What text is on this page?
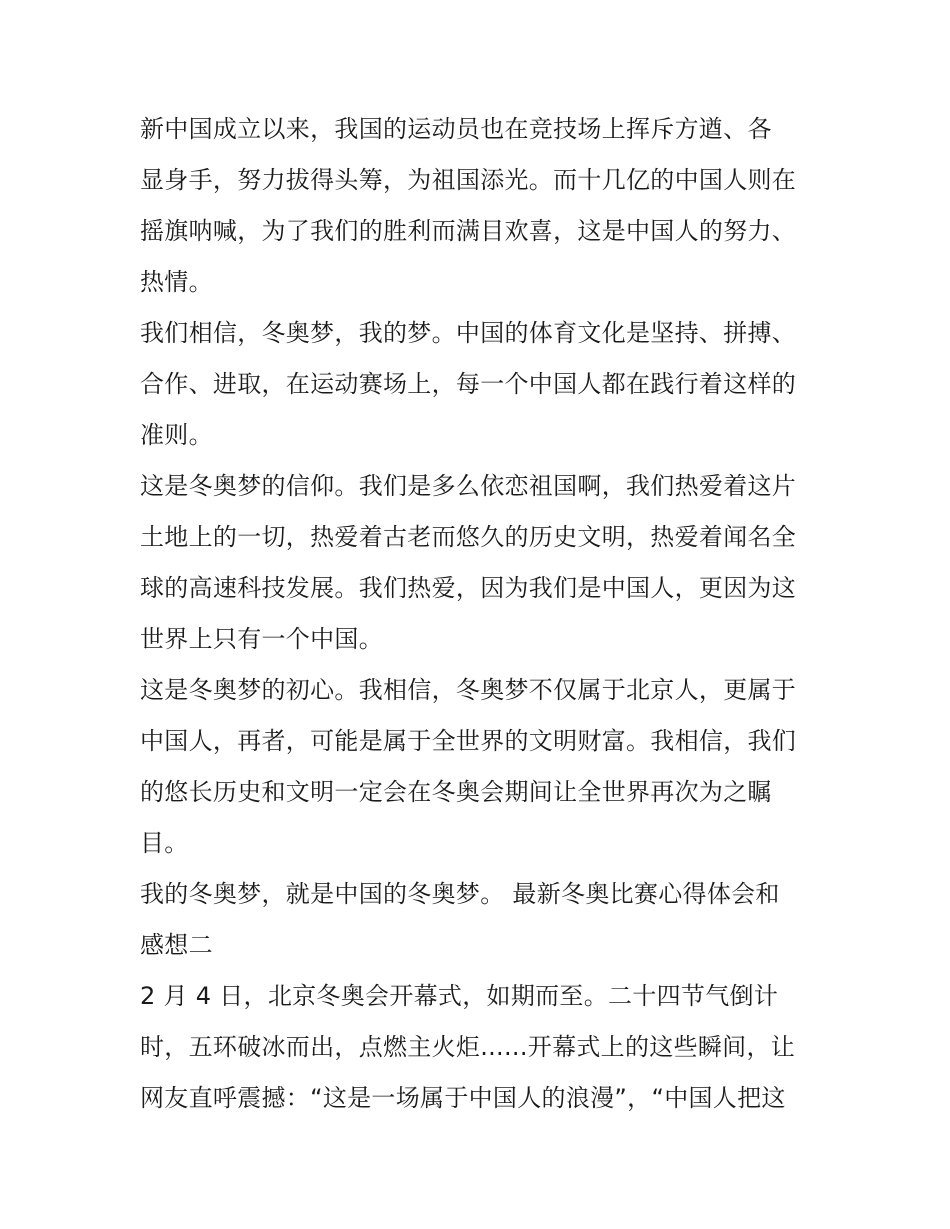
新中国成立以来，我国的运动员也在竞技场上挥斥方遒、各
显身手，努力拔得头筹，为祖国添光。而十几亿的中国人则在
摇旗呐喊，为了我们的胜利而满目欢喜，这是中国人的努力、
热情。
我们相信，冬奥梦，我的梦。中国的体育文化是坚持、拼搏、
合作、进取，在运动赛场上，每一个中国人都在践行着这样的
准则。
这是冬奥梦的信仰。我们是多么依恋祖国啊，我们热爱着这片
土地上的一切，热爱着古老而悠久的历史文明，热爱着闻名全
球的高速科技发展。我们热爱，因为我们是中国人，更因为这
世界上只有一个中国。
这是冬奥梦的初心。我相信，冬奥梦不仅属于北京人，更属于
中国人，再者，可能是属于全世界的文明财富。我相信，我们
的悠长历史和文明一定会在冬奥会期间让全世界再次为之瞩
目。
我的冬奥梦，就是中国的冬奥梦。 最新冬奥比赛心得体会和
感想二
2 月 4 日，北京冬奥会开幕式，如期而至。二十四节气倒计
时，五环破冰而出，点燃主火炬......开幕式上的这些瞬间，让
网友直呼震撼：“这是一场属于中国人的浪漫”，“中国人把这
